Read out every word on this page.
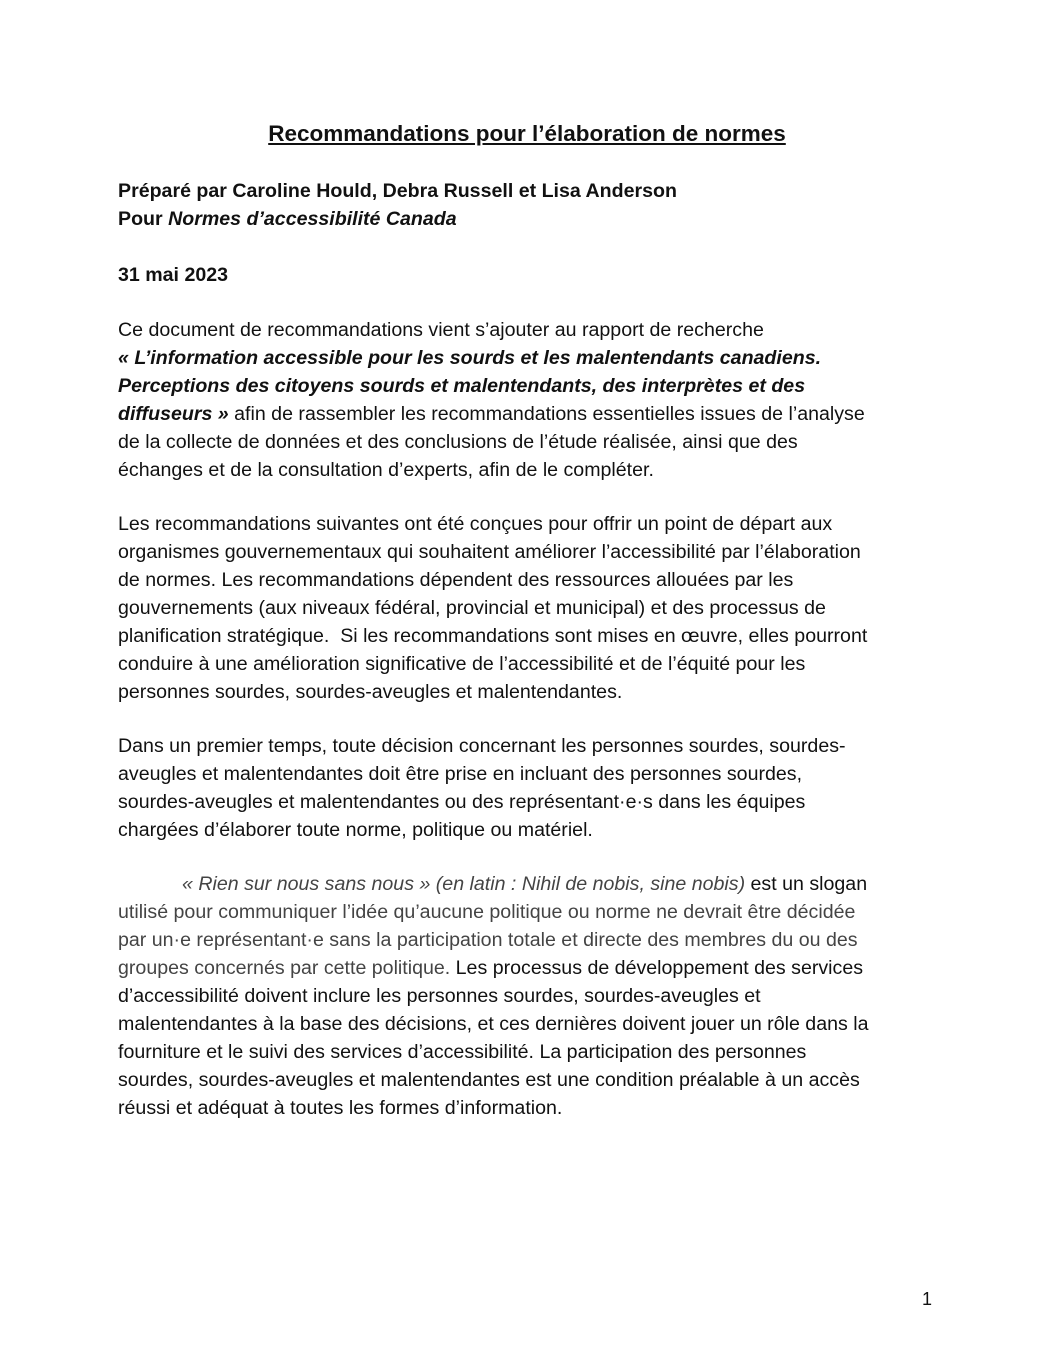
Recommandations pour l’élaboration de normes
Préparé par Caroline Hould, Debra Russell et Lisa Anderson
Pour Normes d’accessibilité Canada
31 mai 2023
Ce document de recommandations vient s’ajouter au rapport de recherche
« L’information accessible pour les sourds et les malentendants canadiens.
Perceptions des citoyens sourds et malentendants, des interprètes et des
diffuseurs » afin de rassembler les recommandations essentielles issues de l’analyse
de la collecte de données et des conclusions de l’étude réalisée, ainsi que des
échanges et de la consultation d’experts, afin de le compléter.
Les recommandations suivantes ont été conçues pour offrir un point de départ aux
organismes gouvernementaux qui souhaitent améliorer l’accessibilité par l’élaboration
de normes. Les recommandations dépendent des ressources allouées par les
gouvernements (aux niveaux fédéral, provincial et municipal) et des processus de
planification stratégique.  Si les recommandations sont mises en œuvre, elles pourront
conduire à une amélioration significative de l’accessibilité et de l’équité pour les
personnes sourdes, sourdes-aveugles et malentendantes.
Dans un premier temps, toute décision concernant les personnes sourdes, sourdes-
aveugles et malentendantes doit être prise en incluant des personnes sourdes,
sourdes-aveugles et malentendantes ou des représentant·e·s dans les équipes
chargées d’élaborer toute norme, politique ou matériel.
« Rien sur nous sans nous » (en latin : Nihil de nobis, sine nobis) est un slogan
utilisé pour communiquer l’idée qu’aucune politique ou norme ne devrait être décidée
par un·e représentant·e sans la participation totale et directe des membres du ou des
groupes concernés par cette politique. Les processus de développement des services
d’accessibilité doivent inclure les personnes sourdes, sourdes-aveugles et
malentendantes à la base des décisions, et ces dernières doivent jouer un rôle dans la
fourniture et le suivi des services d’accessibilité. La participation des personnes
sourdes, sourdes-aveugles et malentendantes est une condition préalable à un accès
réussi et adéquat à toutes les formes d’information.
1
